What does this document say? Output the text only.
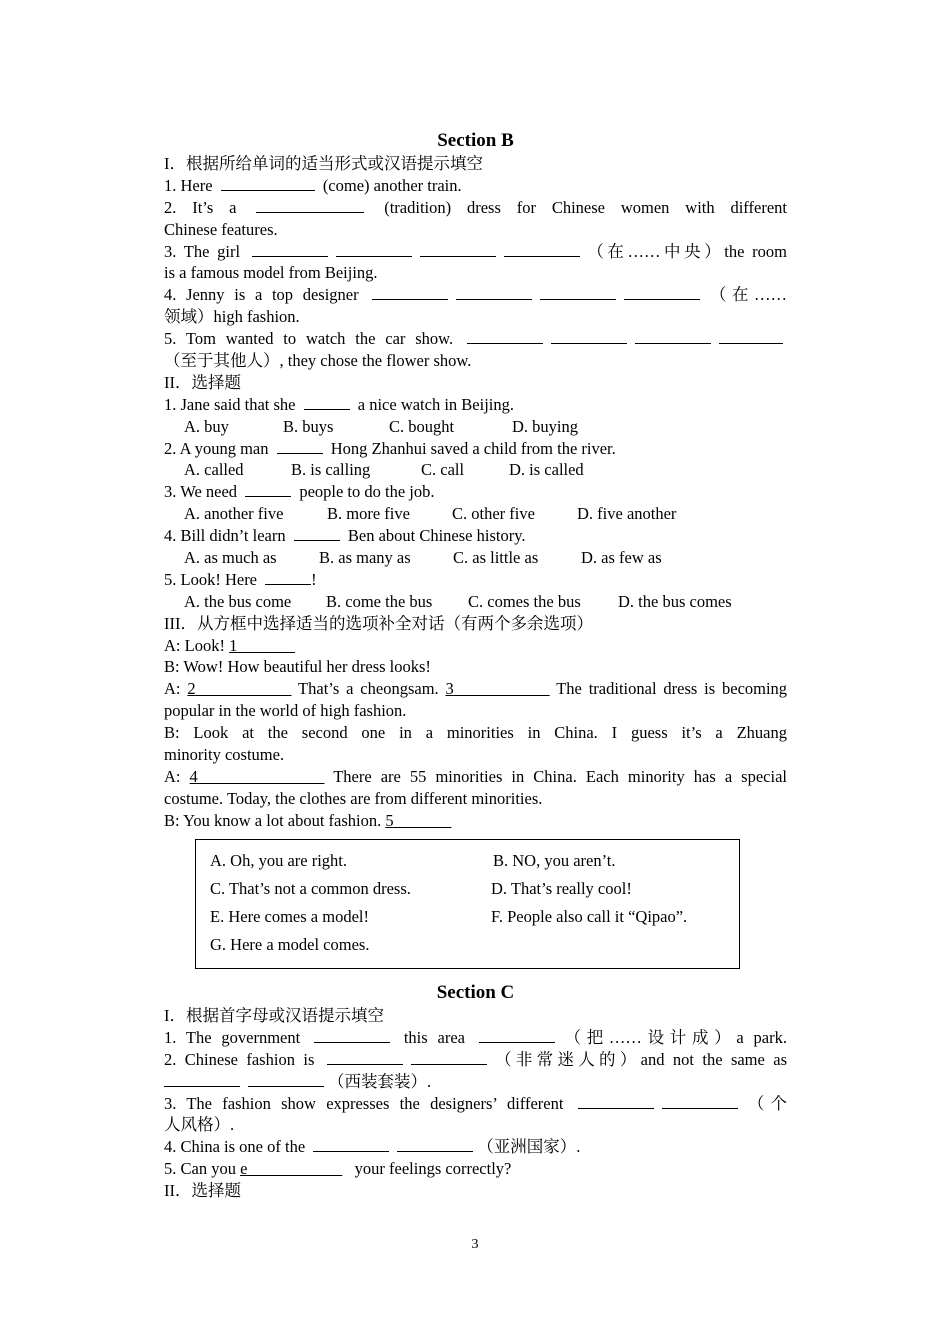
Section B
I．根据所给单词的适当形式或汉语提示填空
1. Here	(come) another train.
2. It’s a	(tradition) dress for Chinese women with different
Chinese features.
3. The girl	（在……中央）the room
is a famous model from Beijing.
4. Jenny is a top designer	（在……
领域）high fashion.
5. Tom wanted to watch the car show.
（至于其他人）, they chose the flower show.
II．选择题
1. Jane said that she	a nice watch in Beijing.
A. buy	B. buys	C. bought	D. buying
2. A young man	Hong Zhanhui saved a child from the river.
A. called	B. is calling	C. call	D. is called
3. We need	people to do the job.
A. another five	B. more five	C. other five	D. five another
4. Bill didn’t learn	Ben about Chinese history.
A. as much as	B. as many as	C. as little as	D. as few as
5. Look! Here	!
A. the bus come B. come the bus C. comes the bus D. the bus comes
III．从方框中选择适当的选项补全对话（有两个多余选项）
A: Look! 1
B: Wow! How beautiful her dress looks!
A: 2	That’s a cheongsam. 3	The traditional dress is becoming
popular in the world of high fashion.
B: Look at the second one in a minorities in China. I guess it’s a Zhuang
minority costume.
A: 4	There are 55 minorities in China. Each minority has a special
costume. Today, the clothes are from different minorities.
B: You know a lot about fashion. 5
A. Oh, you are right.	B. NO, you aren’t.
C. That’s not a common dress.	D. That’s really cool!
E. Here comes a model!	F. People also call it “Qipao”.
G. Here a model comes.
Section C
I．根据首字母或汉语提示填空
1. The government	this area	（把……设计成）a park.
2. Chinese fashion is	（非常迷人的）and not the same as
（西装套装）.
3. The fashion show expresses the designers’ different	（个
人风格）.
4. China is one of the	（亚洲国家）.
5. Can you e	your feelings correctly?
II．选择题
3
